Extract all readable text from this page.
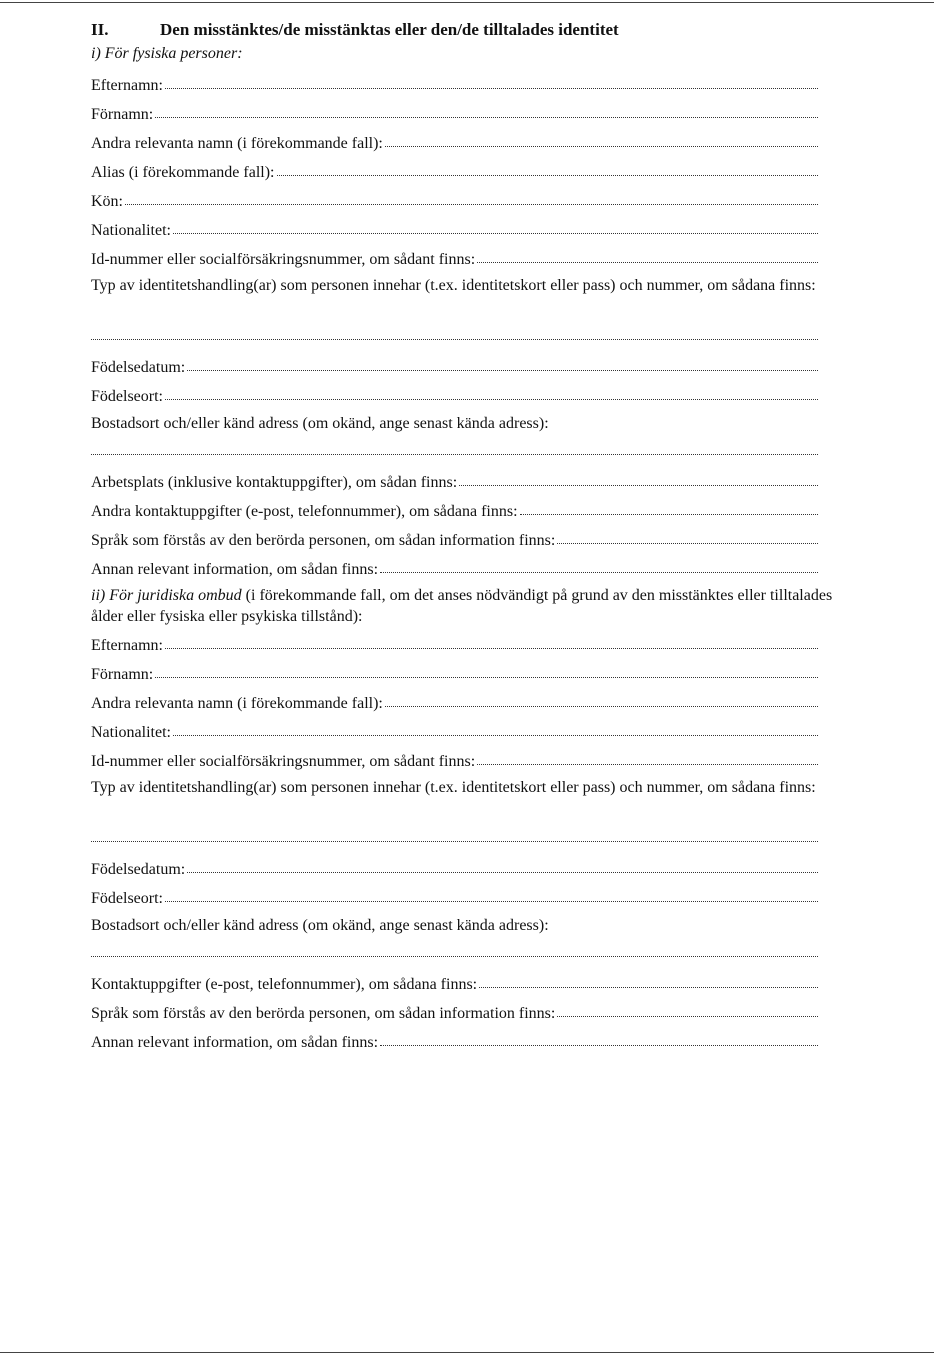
II.	Den misstänktes/de misstänktas eller den/de tilltalades identitet
i) För fysiska personer:
Efternamn:
Förnamn:
Andra relevanta namn (i förekommande fall):
Alias (i förekommande fall):
Kön:
Nationalitet:
Id-nummer eller socialförsäkringsnummer, om sådant finns:
Typ av identitetshandling(ar) som personen innehar (t.ex. identitetskort eller pass) och nummer, om sådana finns:
Födelsedatum:
Födelseort:
Bostadsort och/eller känd adress (om okänd, ange senast kända adress):
Arbetsplats (inklusive kontaktuppgifter), om sådan finns:
Andra kontaktuppgifter (e-post, telefonnummer), om sådana finns:
Språk som förstås av den berörda personen, om sådan information finns:
Annan relevant information, om sådan finns:
ii) För juridiska ombud (i förekommande fall, om det anses nödvändigt på grund av den misstänktes eller tilltalades ålder eller fysiska eller psykiska tillstånd):
Efternamn:
Förnamn:
Andra relevanta namn (i förekommande fall):
Nationalitet:
Id-nummer eller socialförsäkringsnummer, om sådant finns:
Typ av identitetshandling(ar) som personen innehar (t.ex. identitetskort eller pass) och nummer, om sådana finns:
Födelsedatum:
Födelseort:
Bostadsort och/eller känd adress (om okänd, ange senast kända adress):
Kontaktuppgifter (e-post, telefonnummer), om sådana finns:
Språk som förstås av den berörda personen, om sådan information finns:
Annan relevant information, om sådan finns:
